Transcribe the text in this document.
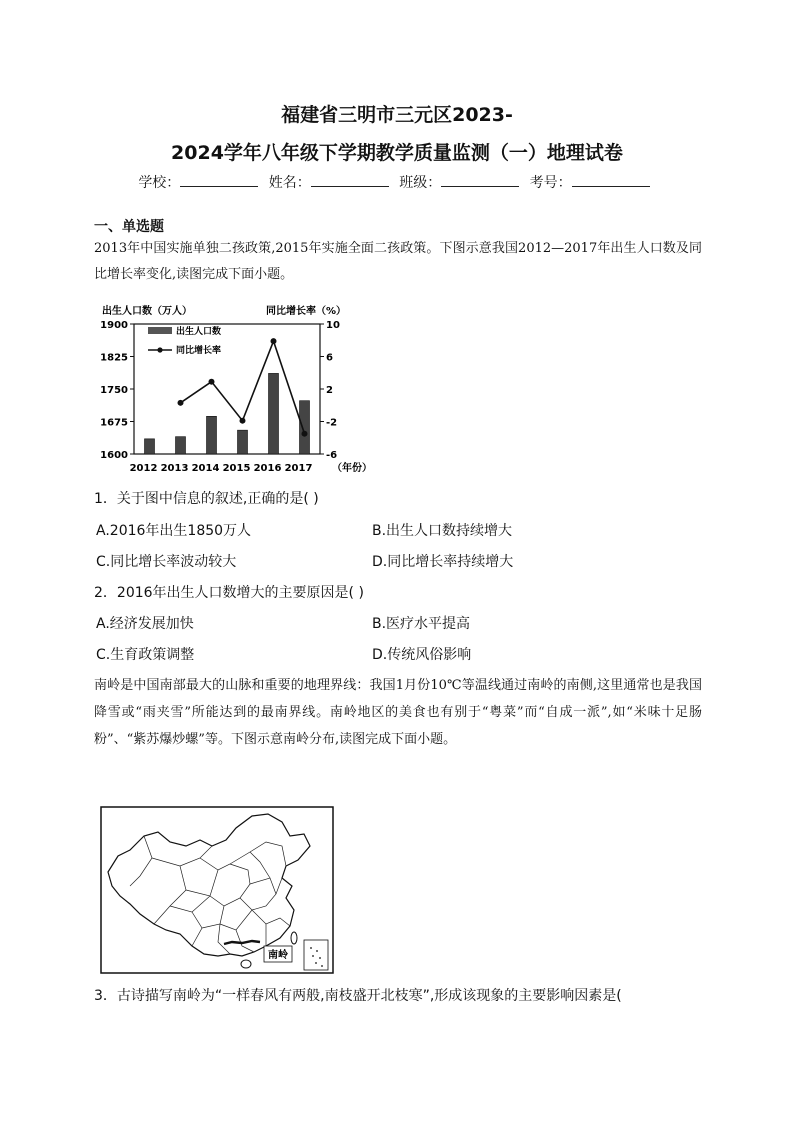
福建省三明市三元区2023-
2024学年八年级下学期教学质量监测（一）地理试卷
学校：	姓名：	班级：	考号：
一、单选题
2013年中国实施单独二孩政策,2015年实施全面二孩政策。下图示意我国2012—2017年出生人口数及同比增长率变化,读图完成下面小题。
出生人口数（万人）	同比增长率（%）
出生人口数
同比增长率
1600
1675
1750
1825
1900
-6
-2
2
6
10
2012 2013 2014 2015 2016 2017 （年份）
1．关于图中信息的叙述,正确的是( )
A.2016年出生1850万人	B.出生人口数持续增大
C.同比增长率波动较大	D.同比增长率持续增大
2．2016年出生人口数增大的主要原因是( )
A.经济发展加快	B.医疗水平提高
C.生育政策调整	D.传统风俗影响
南岭是中国南部最大的山脉和重要的地理界线：我国1月份10℃等温线通过南岭的南侧,这里通常也是我国降雪或“雨夹雪”所能达到的最南界线。南岭地区的美食也有别于“粤菜”而“自成一派”,如“米味十足肠粉”、“紫苏爆炒螺”等。下图示意南岭分布,读图完成下面小题。
南岭
3．古诗描写南岭为“一样春风有两般,南枝盛开北枝寒”,形成该现象的主要影响因素是(
